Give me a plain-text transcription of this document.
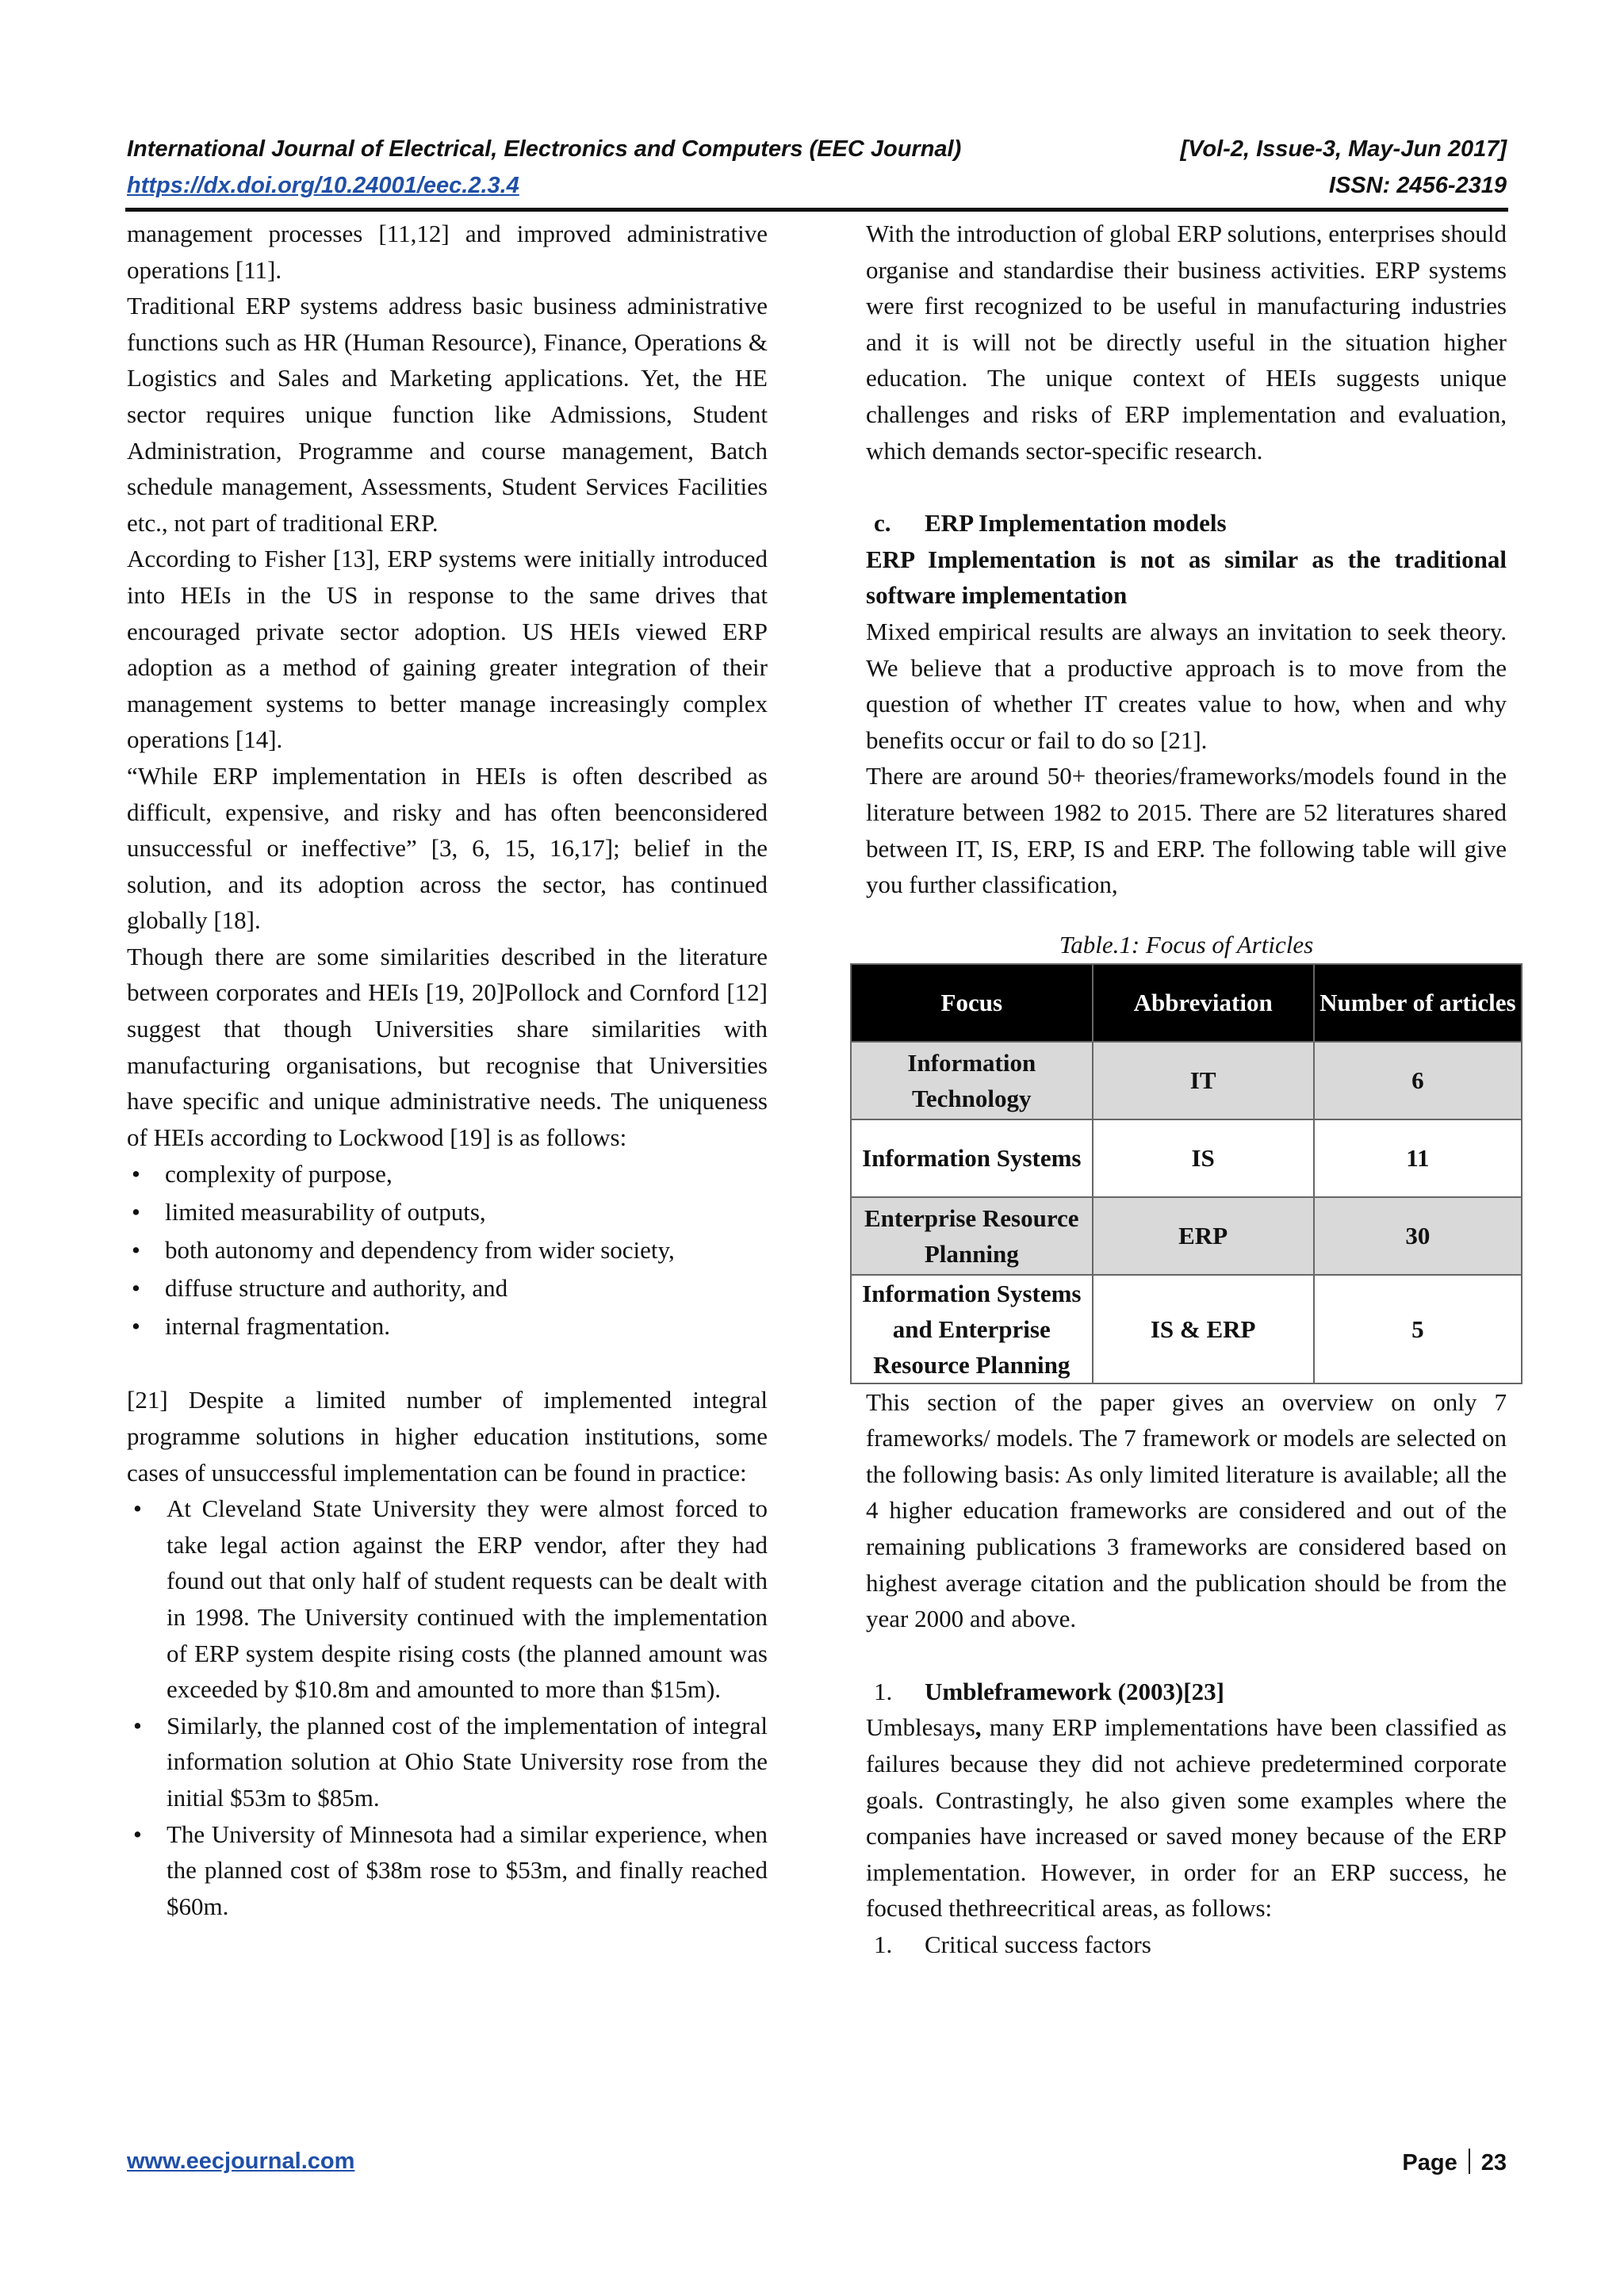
International Journal of Electrical, Electronics and Computers (EEC Journal)	[Vol-2, Issue-3, May-Jun 2017]
https://dx.doi.org/10.24001/eec.2.3.4	ISSN: 2456-2319

management processes [11,12] and improved administrative operations [11].

Traditional ERP systems address basic business administrative functions such as HR (Human Resource), Finance, Operations & Logistics and Sales and Marketing applications. Yet, the HE sector requires unique function like Admissions, Student Administration, Programme and course management, Batch schedule management, Assessments, Student Services Facilities etc., not part of traditional ERP.

According to Fisher [13], ERP systems were initially introduced into HEIs in the US in response to the same drives that encouraged private sector adoption. US HEIs viewed ERP adoption as a method of gaining greater integration of their management systems to better manage increasingly complex operations [14].

“While ERP implementation in HEIs is often described as difficult, expensive, and risky and has often beenconsidered unsuccessful or ineffective” [3, 6, 15, 16,17]; belief in the solution, and its adoption across the sector, has continued globally [18].

Though there are some similarities described in the literature between corporates and HEIs [19, 20]Pollock and Cornford [12] suggest that though Universities share similarities with manufacturing organisations, but recognise that Universities have specific and unique administrative needs. The uniqueness of HEIs according to Lockwood [19] is as follows:

• complexity of purpose,
• limited measurability of outputs,
• both autonomy and dependency from wider society,
• diffuse structure and authority, and
• internal fragmentation.

[21] Despite a limited number of implemented integral programme solutions in higher education institutions, some cases of unsuccessful implementation can be found in practice:

• At Cleveland State University they were almost forced to take legal action against the ERP vendor, after they had found out that only half of student requests can be dealt with in 1998. The University continued with the implementation of ERP system despite rising costs (the planned amount was exceeded by $10.8m and amounted to more than $15m).
• Similarly, the planned cost of the implementation of integral information solution at Ohio State University rose from the initial $53m to $85m.
• The University of Minnesota had a similar experience, when the planned cost of $38m rose to $53m, and finally reached $60m.

With the introduction of global ERP solutions, enterprises should organise and standardise their business activities. ERP systems were first recognized to be useful in manufacturing industries and it is will not be directly useful in the situation higher education. The unique context of HEIs suggests unique challenges and risks of ERP implementation and evaluation, which demands sector-specific research.

c. ERP Implementation models

ERP Implementation is not as similar as the traditional software implementation

Mixed empirical results are always an invitation to seek theory. We believe that a productive approach is to move from the question of whether IT creates value to how, when and why benefits occur or fail to do so [21].

There are around 50+ theories/frameworks/models found in the literature between 1982 to 2015. There are 52 literatures shared between IT, IS, ERP, IS and ERP. The following table will give you further classification,

Table.1: Focus of Articles
Focus	Abbreviation	Number of articles
Information Technology	IT	6
Information Systems	IS	11
Enterprise Resource Planning	ERP	30
Information Systems and Enterprise Resource Planning	IS & ERP	5

This section of the paper gives an overview on only 7 frameworks/ models. The 7 framework or models are selected on the following basis: As only limited literature is available; all the 4 higher education frameworks are considered and out of the remaining publications 3 frameworks are considered based on highest average citation and the publication should be from the year 2000 and above.

1. Umbleframework (2003)[23]

Umblesays, many ERP implementations have been classified as failures because they did not achieve predetermined corporate goals. Contrastingly, he also given some examples where the companies have increased or saved money because of the ERP implementation. However, in order for an ERP success, he focused thethreecritical areas, as follows:

1. Critical success factors
www.eecjournal.com	Page 23
